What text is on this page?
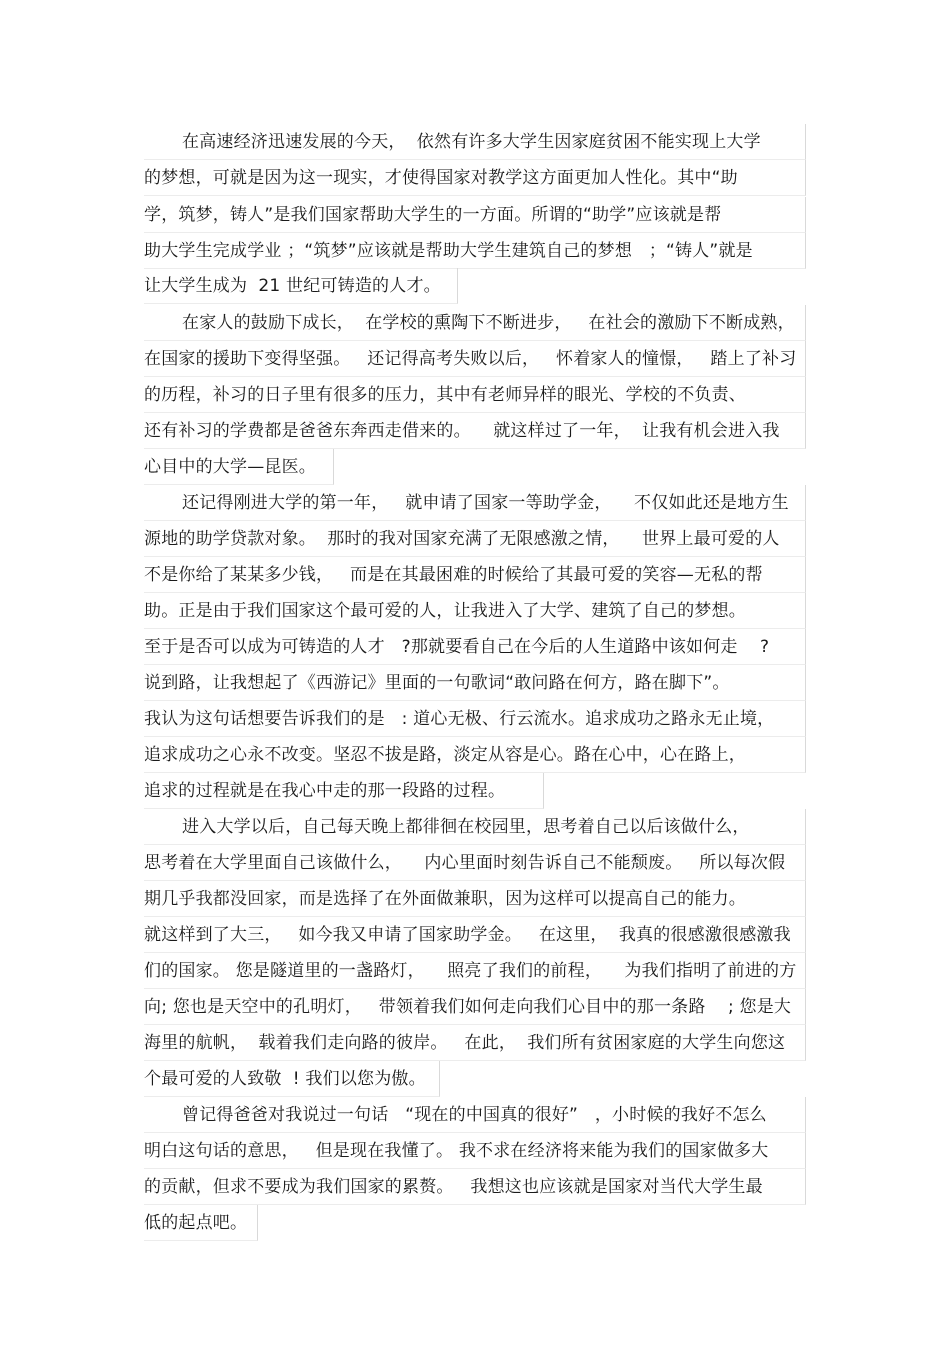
在高速经济迅速发展的今天，  依然有许多大学生因家庭贫困不能实现上大学
的梦想，可就是因为这一现实，才使得国家对教学这方面更加人性化。其中“助
学，筑梦，铸人”是我们国家帮助大学生的一方面。所谓的“助学”应该就是帮
助大学生完成学业 ；“筑梦”应该就是帮助大学生建筑自己的梦想   ；“铸人”就是
让大学生成为  21 世纪可铸造的人才。
在家人的鼓励下成长，  在学校的熏陶下不断进步，   在社会的激励下不断成熟，
在国家的援助下变得坚强。   还记得高考失败以后，   怀着家人的憧憬，   踏上了补习
的历程，补习的日子里有很多的压力，其中有老师异样的眼光、学校的不负责、
还有补习的学费都是爸爸东奔西走借来的。    就这样过了一年，  让我有机会进入我
心目中的大学—昆医。
还记得刚进大学的第一年，   就申请了国家一等助学金，    不仅如此还是地方生
源地的助学贷款对象。  那时的我对国家充满了无限感激之情，    世界上最可爱的人
不是你给了某某多少钱，   而是在其最困难的时候给了其最可爱的笑容—无私的帮
助。正是由于我们国家这个最可爱的人，让我进入了大学、建筑了自己的梦想。
至于是否可以成为可铸造的人才   ?那就要看自己在今后的人生道路中该如何走    ?
说到路，让我想起了《西游记》里面的一句歌词“敢问路在何方，路在脚下”。
我认为这句话想要告诉我们的是   : 道心无极、行云流水。追求成功之路永无止境，
追求成功之心永不改变。坚忍不拔是路，淡定从容是心。路在心中，心在路上，
追求的过程就是在我心中走的那一段路的过程。
进入大学以后，自己每天晚上都徘徊在校园里，思考着自己以后该做什么，
思考着在大学里面自己该做什么，    内心里面时刻告诉自己不能颓废。   所以每次假
期几乎我都没回家，而是选择了在外面做兼职，因为这样可以提高自己的能力。
就这样到了大三，   如今我又申请了国家助学金。   在这里，  我真的很感激很感激我
们的国家。 您是隧道里的一盏路灯，    照亮了我们的前程，    为我们指明了前进的方
向; 您也是天空中的孔明灯，   带领着我们如何走向我们心目中的那一条路    ; 您是大
海里的航帆，  载着我们走向路的彼岸。   在此，  我们所有贫困家庭的大学生向您这
个最可爱的人致敬  ! 我们以您为傲。
曾记得爸爸对我说过一句话   “现在的中国真的很好”   ，小时候的我好不怎么
明白这句话的意思，   但是现在我懂了。 我不求在经济将来能为我们的国家做多大
的贡献，但求不要成为我们国家的累赘。   我想这也应该就是国家对当代大学生最
低的起点吧。
